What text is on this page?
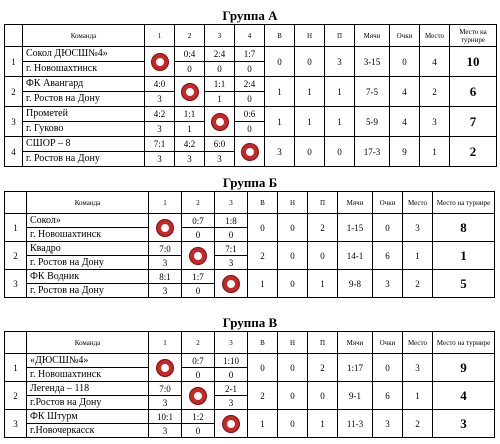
Группа А
	Команда	1	2	3	4	В	Н	П	Мячи	Очки	Место	Место на турнире
1	Сокол ДЮСШ№4»		0:4	2:4	1:7	0	0	3	3-15	0	4	10
	г. Новошахтинск		0	0	0							
2	ФК Авангард	4:0		1:1	2:4	1	1	1	7-5	4	2	6
	г. Ростов на Дону	3		1	0							
3	Прометей	4:2	1:1		0:6	1	1	1	5-9	4	3	7
	г. Гуково	3	1		0							
4	СШОР – 8	7:1	4:2	6:0		3	0	0	17-3	9	1	2
	г. Ростов на Дону	3	3	3								
Группа Б
	Команда	1	2	3	В	Н	П	Мячи	Очки	Место	Место на турнире
1	Сокол»		0:7	1:8	0	0	2	1-15	0	3	8
	г. Новошахтинск		0	0							
2	Квадро	7:0		7:1	2	0	0	14-1	6	1	1
	г. Ростов на Дону	3		3							
3	ФК Водник	8:1	1:7		1	0	1	9-8	3	2	5
	г. Ростов на Дону	3	0								
Группа В
	Команда	1	2	3	В	Н	П	Мячи	Очки	Место	Место на турнире
1	«ДЮСШ№4»		0:7	1:10	0	0	2	1:17	0	3	9
	г. Новошахтинск		0	0							
2	Легенда – 118	7:0		2-1	2	0	0	9-1	6	1	4
	г.Ростов на Дону	3		3							
3	ФК Штурм	10:1	1:2		1	0	1	11-3	3	2	3
	г.Новочеркасск	3	0								
